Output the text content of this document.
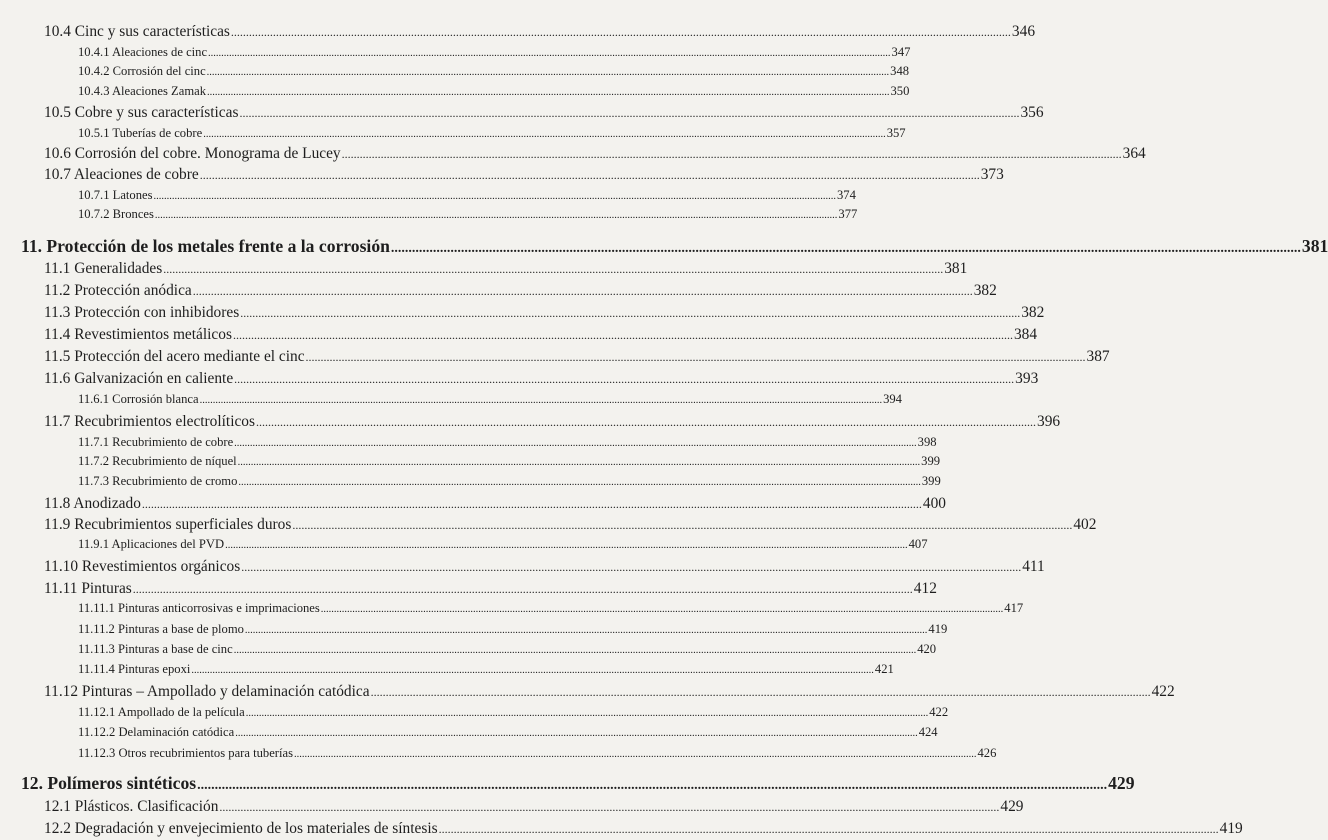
10.4 Cinc y sus características .................................................................................................................................................................................................................................................................... 346
10.4.1 Aleaciones de cinc .................................................................................................................................................................................................................................................................... 347
10.4.2 Corrosión del cinc .................................................................................................................................................................................................................................................................... 348
10.4.3 Aleaciones Zamak .................................................................................................................................................................................................................................................................... 350
10.5 Cobre y sus características .................................................................................................................................................................................................................................................................... 356
10.5.1 Tuberías de cobre .................................................................................................................................................................................................................................................................... 357
10.6 Corrosión del cobre. Monograma de Lucey .................................................................................................................................................................................................................................................................... 364
10.7 Aleaciones de cobre .................................................................................................................................................................................................................................................................... 373
10.7.1 Latones .................................................................................................................................................................................................................................................................... 374
10.7.2 Bronces .................................................................................................................................................................................................................................................................... 377
11. Protección de los metales frente a la corrosión .................................................................................................................................................................................................................................................................... 381
11.1 Generalidades .................................................................................................................................................................................................................................................................... 381
11.2 Protección anódica .................................................................................................................................................................................................................................................................... 382
11.3 Protección con inhibidores .................................................................................................................................................................................................................................................................... 382
11.4 Revestimientos metálicos .................................................................................................................................................................................................................................................................... 384
11.5 Protección del acero mediante el cinc .................................................................................................................................................................................................................................................................... 387
11.6 Galvanización en caliente .................................................................................................................................................................................................................................................................... 393
11.6.1 Corrosión blanca .................................................................................................................................................................................................................................................................... 394
11.7 Recubrimientos electrolíticos .................................................................................................................................................................................................................................................................... 396
11.7.1 Recubrimiento de cobre .................................................................................................................................................................................................................................................................... 398
11.7.2 Recubrimiento de níquel .................................................................................................................................................................................................................................................................... 399
11.7.3 Recubrimiento de cromo .................................................................................................................................................................................................................................................................... 399
11.8 Anodizado .................................................................................................................................................................................................................................................................... 400
11.9 Recubrimientos superficiales duros .................................................................................................................................................................................................................................................................... 402
11.9.1 Aplicaciones del PVD .................................................................................................................................................................................................................................................................... 407
11.10 Revestimientos orgánicos .................................................................................................................................................................................................................................................................... 411
11.11 Pinturas .................................................................................................................................................................................................................................................................... 412
11.11.1 Pinturas anticorrosivas e imprimaciones .................................................................................................................................................................................................................................................................... 417
11.11.2 Pinturas a base de plomo .................................................................................................................................................................................................................................................................... 419
11.11.3 Pinturas a base de cinc .................................................................................................................................................................................................................................................................... 420
11.11.4 Pinturas epoxi .................................................................................................................................................................................................................................................................... 421
11.12 Pinturas – Ampollado y delaminación catódica .................................................................................................................................................................................................................................................................... 422
11.12.1 Ampollado de la película .................................................................................................................................................................................................................................................................... 422
11.12.2 Delaminación catódica .................................................................................................................................................................................................................................................................... 424
11.12.3 Otros recubrimientos para tuberías .................................................................................................................................................................................................................................................................... 426
12. Polímeros sintéticos .................................................................................................................................................................................................................................................................... 429
12.1 Plásticos. Clasificación .................................................................................................................................................................................................................................................................... 429
12.2 Degradación y envejecimiento de los materiales de síntesis .................................................................................................................................................................................................................................................................... 419
